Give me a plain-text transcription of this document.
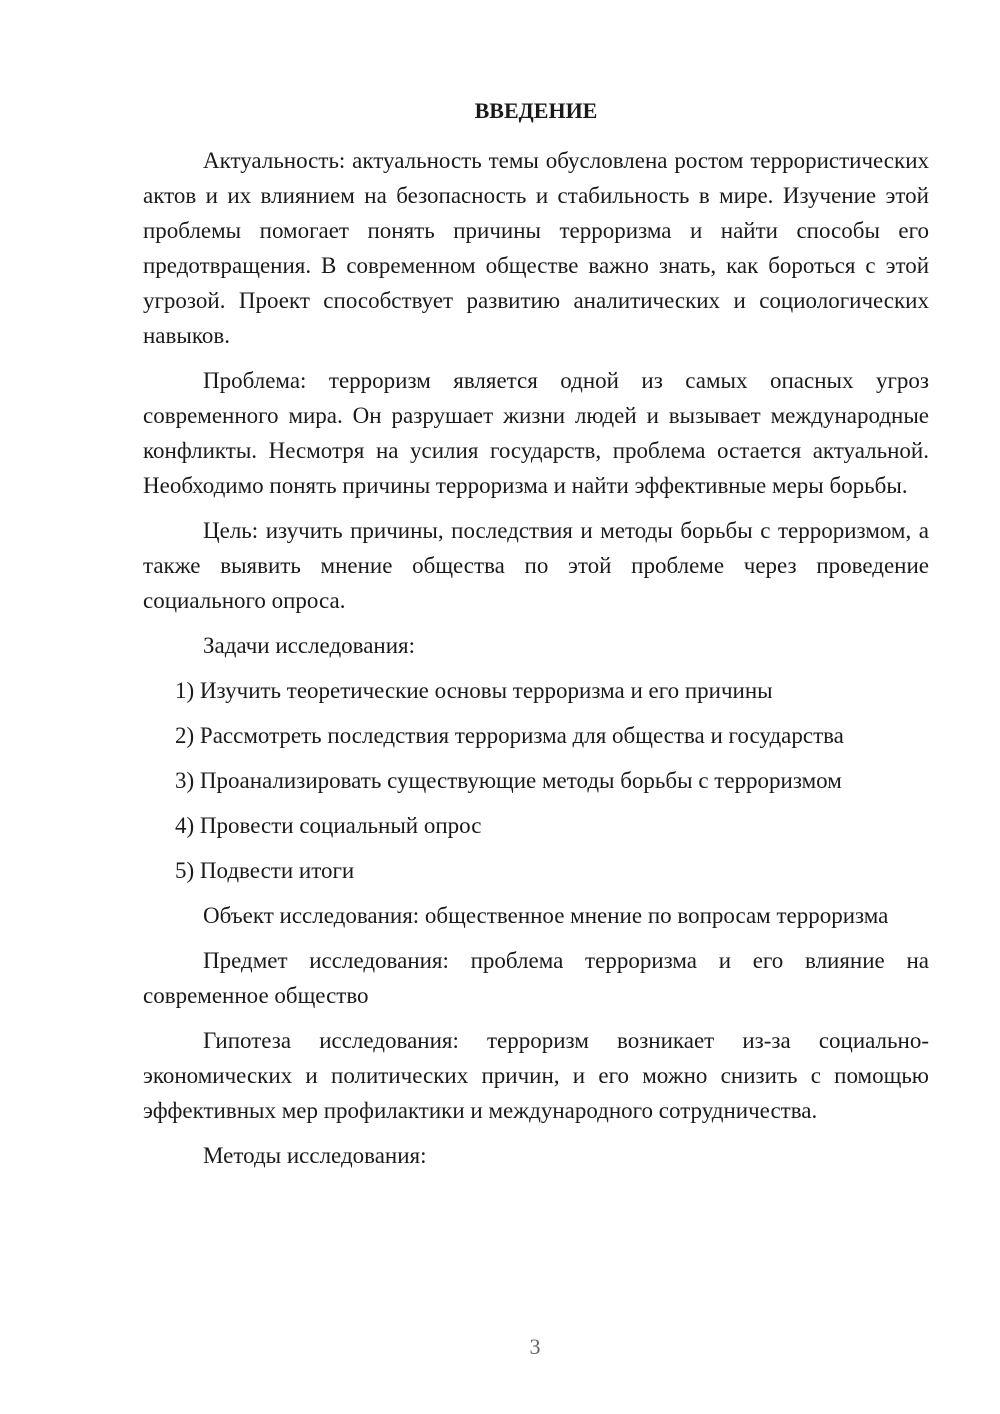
ВВЕДЕНИЕ

Актуальность: актуальность темы обусловлена ростом террористических актов и их влиянием на безопасность и стабильность в мире. Изучение этой проблемы помогает понять причины терроризма и найти способы его предотвращения. В современном обществе важно знать, как бороться с этой угрозой. Проект способствует развитию аналитических и социологических навыков.

Проблема: терроризм является одной из самых опасных угроз современного мира. Он разрушает жизни людей и вызывает международные конфликты. Несмотря на усилия государств, проблема остается актуальной. Необходимо понять причины терроризма и найти эффективные меры борьбы.

Цель: изучить причины, последствия и методы борьбы с терроризмом, а также выявить мнение общества по этой проблеме через проведение социального опроса.

Задачи исследования:

1) Изучить теоретические основы терроризма и его причины
2) Рассмотреть последствия терроризма для общества и государства
3) Проанализировать существующие методы борьбы с терроризмом
4) Провести социальный опрос
5) Подвести итоги

Объект исследования: общественное мнение по вопросам терроризма

Предмет исследования: проблема терроризма и его влияние на современное общество

Гипотеза исследования: терроризм возникает из-за социально-экономических и политических причин, и его можно снизить с помощью эффективных мер профилактики и международного сотрудничества.

Методы исследования:

3
